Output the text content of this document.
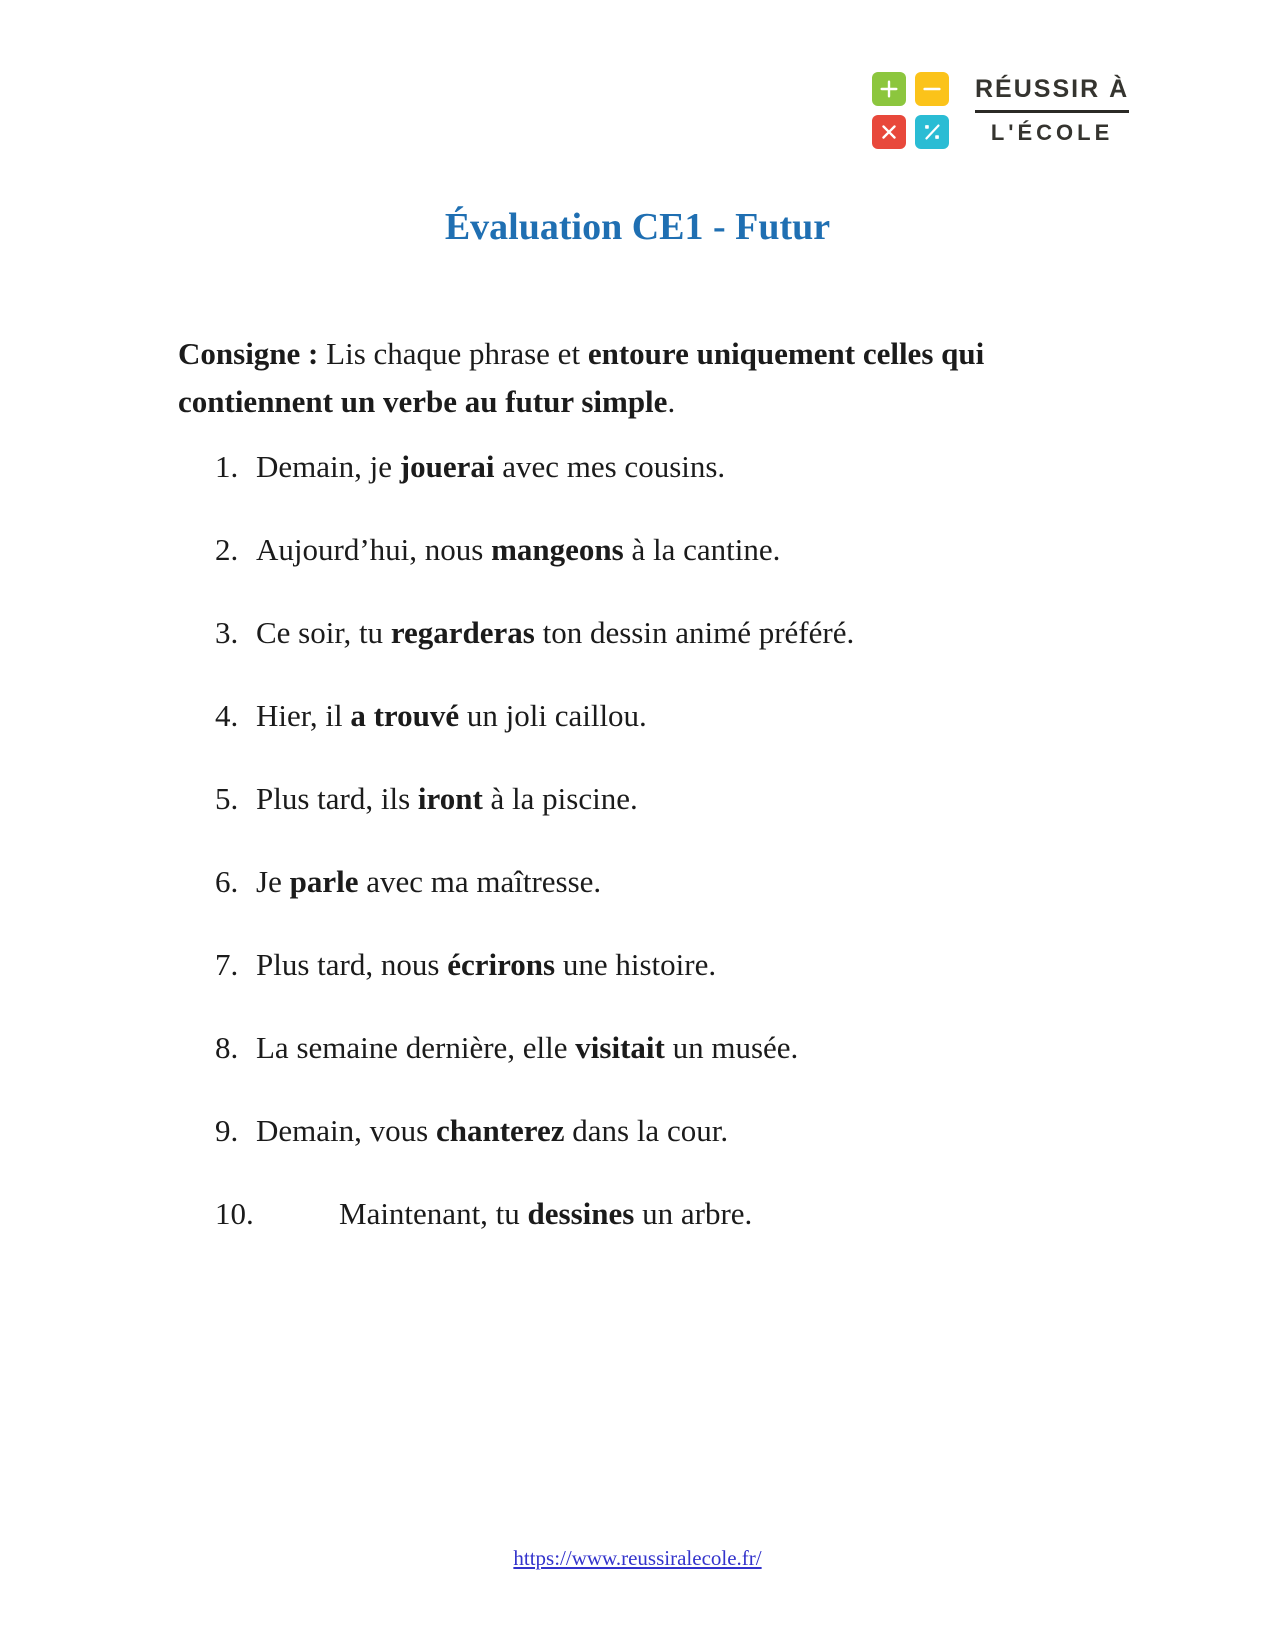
RÉUSSIR À
L'ÉCOLE
Évaluation CE1 - Futur

Consigne : Lis chaque phrase et entoure uniquement celles qui contiennent un verbe au futur simple.

1. Demain, je jouerai avec mes cousins.
2. Aujourd’hui, nous mangeons à la cantine.
3. Ce soir, tu regarderas ton dessin animé préféré.
4. Hier, il a trouvé un joli caillou.
5. Plus tard, ils iront à la piscine.
6. Je parle avec ma maîtresse.
7. Plus tard, nous écrirons une histoire.
8. La semaine dernière, elle visitait un musée.
9. Demain, vous chanterez dans la cour.
10.	Maintenant, tu dessines un arbre.
https://www.reussiralecole.fr/
